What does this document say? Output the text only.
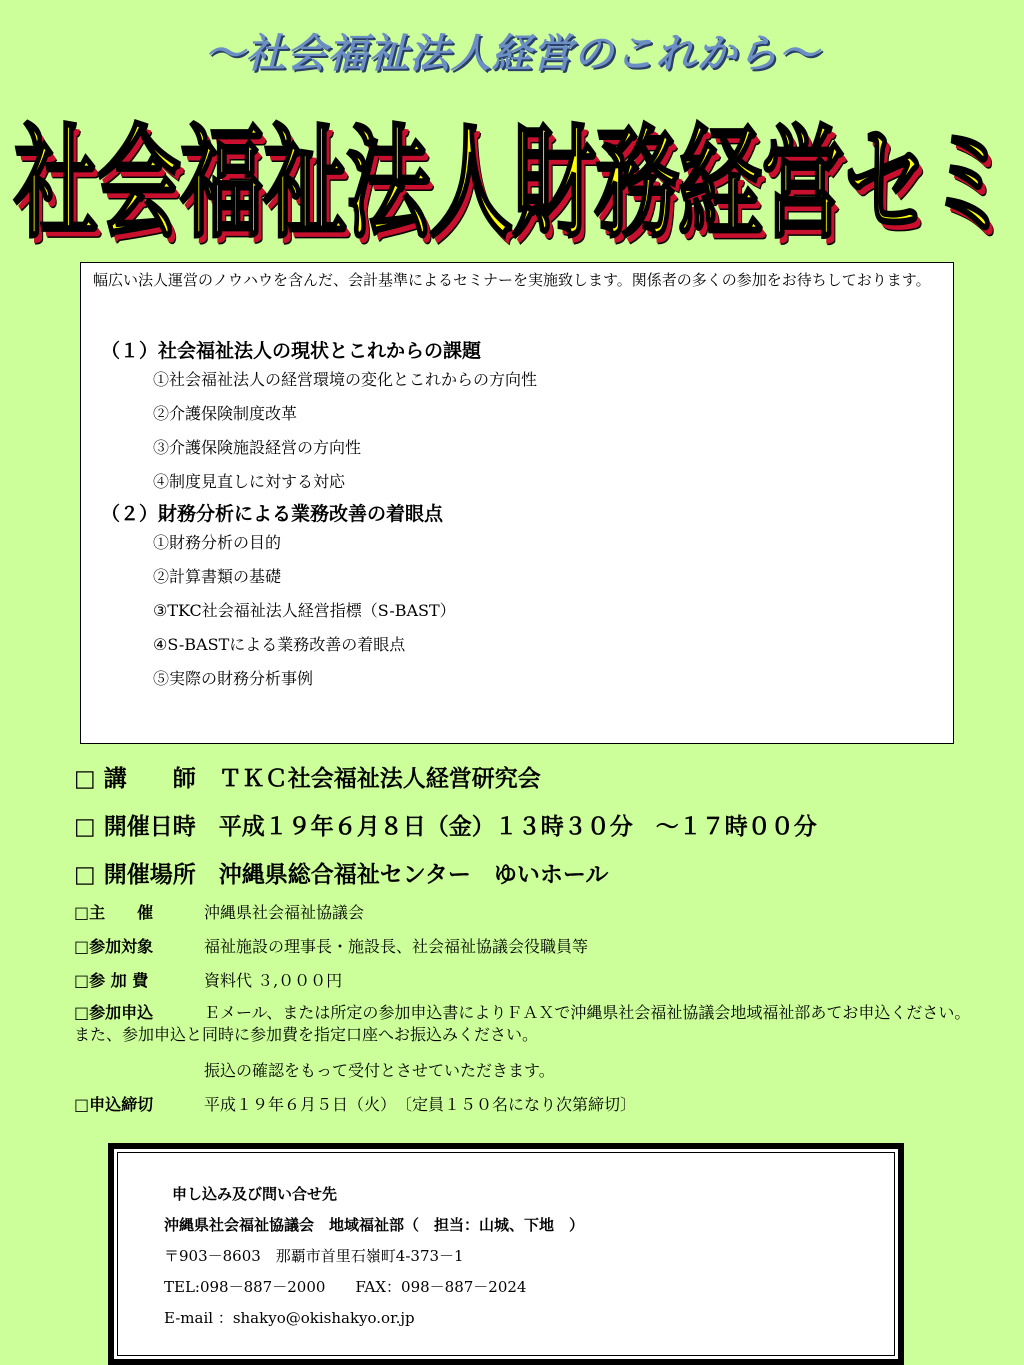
～社会福祉法人経営のこれから～
社会福祉法人財務経営セミ

幅広い法人運営のノウハウを含んだ、会計基準によるセミナーを実施致します。関係者の多くの参加をお待ちしております。

（１）社会福祉法人の現状とこれからの課題

①社会福祉法人の経営環境の変化とこれからの方向性
②介護保険制度改革
③介護保険施設経営の方向性
④制度見直しに対する対応

（２）財務分析による業務改善の着眼点

①財務分析の目的
②計算書類の基礎
③TKC社会福祉法人経営指標（S-BAST）
④S-BASTによる業務改善の着眼点
⑤実際の財務分析事例
□ 講　　師　ＴＫＣ社会福祉法人経営研究会
□ 開催日時　平成１９年６月８日（金）１３時３０分　～１７時００分
□ 開催場所　沖縄県総合福祉センター　ゆいホール
□主　　催	沖縄県社会福祉協議会
□参加対象	福祉施設の理事長・施設長、社会福祉協議会役職員等
□参 加 費	資料代 ３,０００円
□参加申込	Ｅメール、または所定の参加申込書によりＦＡＸで沖縄県社会福祉協議会地域福祉部あてお申込ください。また、参加申込と同時に参加費を指定口座へお振込みください。
振込の確認をもって受付とさせていただきます。
□申込締切	平成１９年６月５日（火）　〔定員１５０名になり次第締切〕
申し込み及び問い合せ先
沖縄県社会福祉協議会　地域福祉部（　担当：山城、下地　）
〒903－8603　那覇市首里石嶺町4-373－1
TEL:098－887－2000　　FAX：098－887－2024
E-mail ：shakyo@okishakyo.or.jp
